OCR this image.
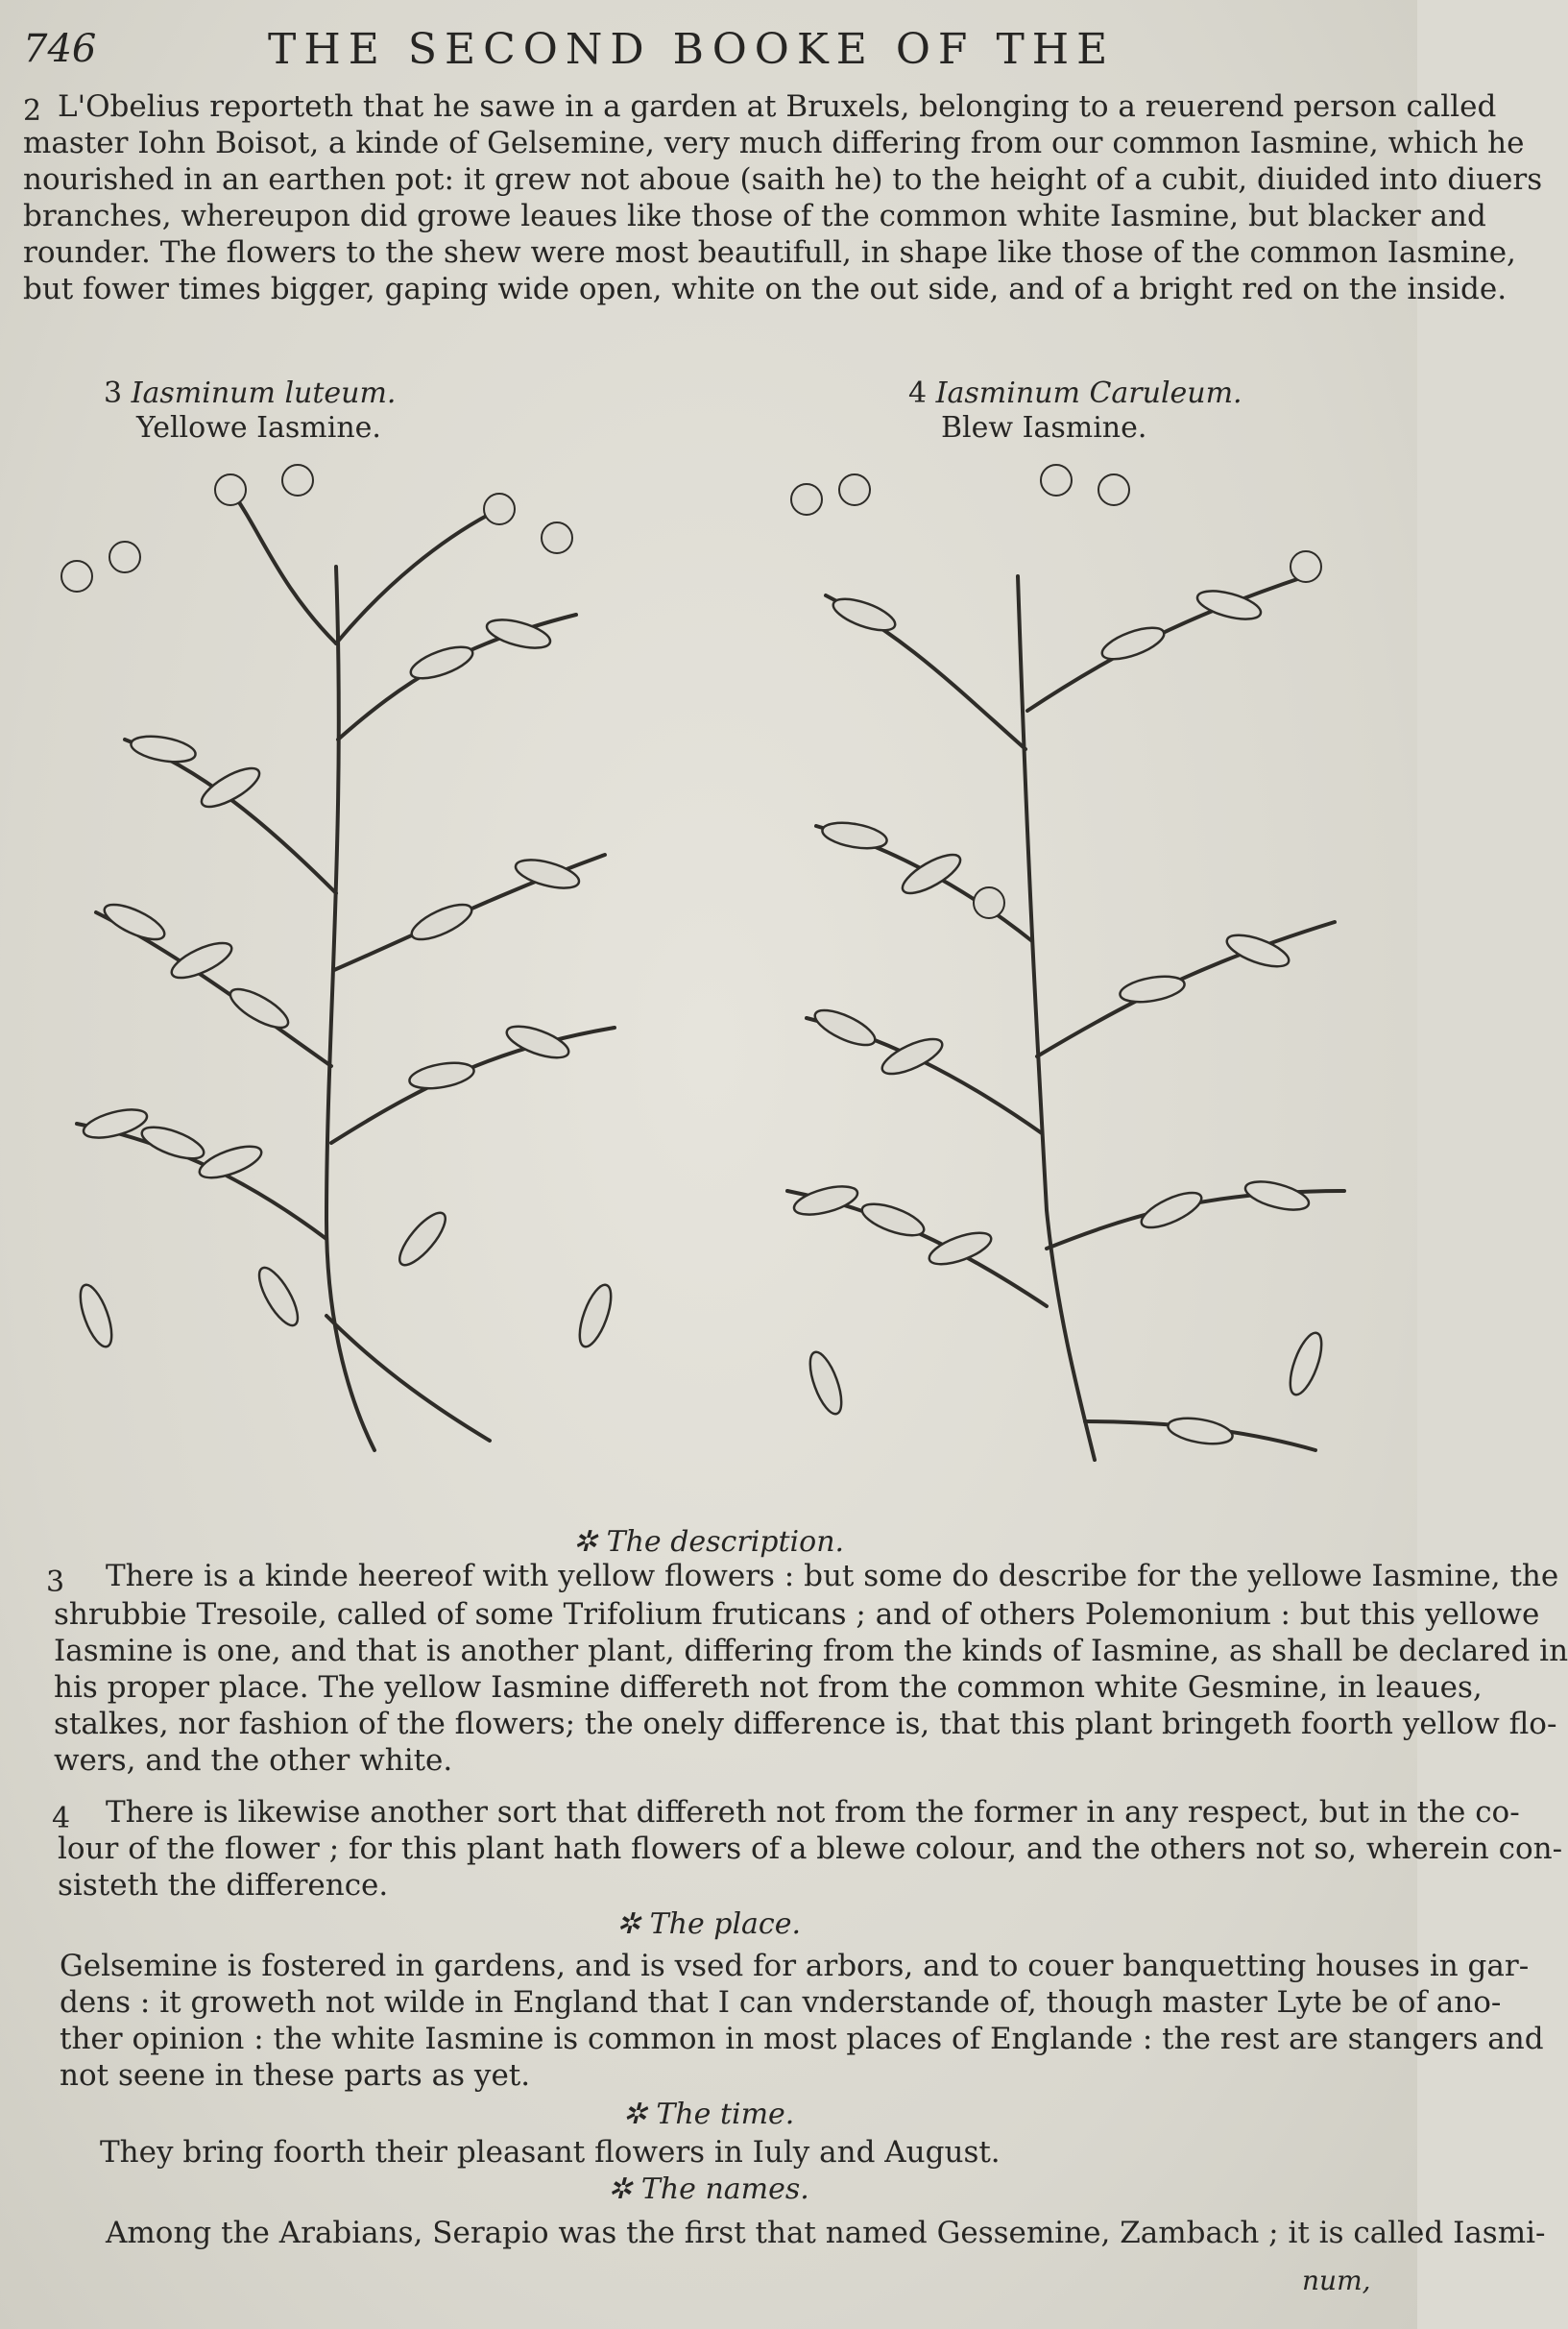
746	THE SECOND BOOKE OF THE
2 L'Obelius reporteth that he sawe in a garden at Bruxels, belonging to a reuerend person called
master Iohn Boisot, a kinde of Gelsemine, very much differing from our common Iasmine, which he
nourished in an earthen pot: it grew not aboue (saith he) to the height of a cubit, diuided into diuers
branches, whereupon did growe leaues like those of the common white Iasmine, but blacker and
rounder. The flowers to the shew were most beautifull, in shape like those of the common Iasmine,
but fower times bigger, gaping wide open, white on the out side, and of a bright red on the inside.
3 Iasminum luteum.
Yellowe Iasmine.
4 Iasminum Caruleum.
Blew Iasmine.
✲ The description.
3 There is a kinde heereof with yellow flowers : but some do describe for the yellowe Iasmine, the
shrubbie Tresoile, called of some Trifolium fruticans ; and of others Polemonium : but this yellowe
Iasmine is one, and that is another plant, differing from the kinds of Iasmine, as shall be declared in
his proper place. The yellow Iasmine differeth not from the common white Gesmine, in leaues,
stalkes, nor fashion of the flowers; the onely difference is, that this plant bringeth foorth yellow flo-
wers, and the other white.
4 There is likewise another sort that differeth not from the former in any respect, but in the co-
lour of the flower ; for this plant hath flowers of a blewe colour, and the others not so, wherein con-
sisteth the difference.
✲ The place.
Gelsemine is fostered in gardens, and is vsed for arbors, and to couer banquetting houses in gar-
dens : it groweth not wilde in England that I can vnderstande of, though master Lyte be of ano-
ther opinion : the white Iasmine is common in most places of Englande : the rest are stangers and
not seene in these parts as yet.
✲ The time.
They bring foorth their pleasant flowers in Iuly and August.
✲ The names.
Among the Arabians, Serapio was the first that named Gessemine, Zambach ; it is called Iasmi-
num,
